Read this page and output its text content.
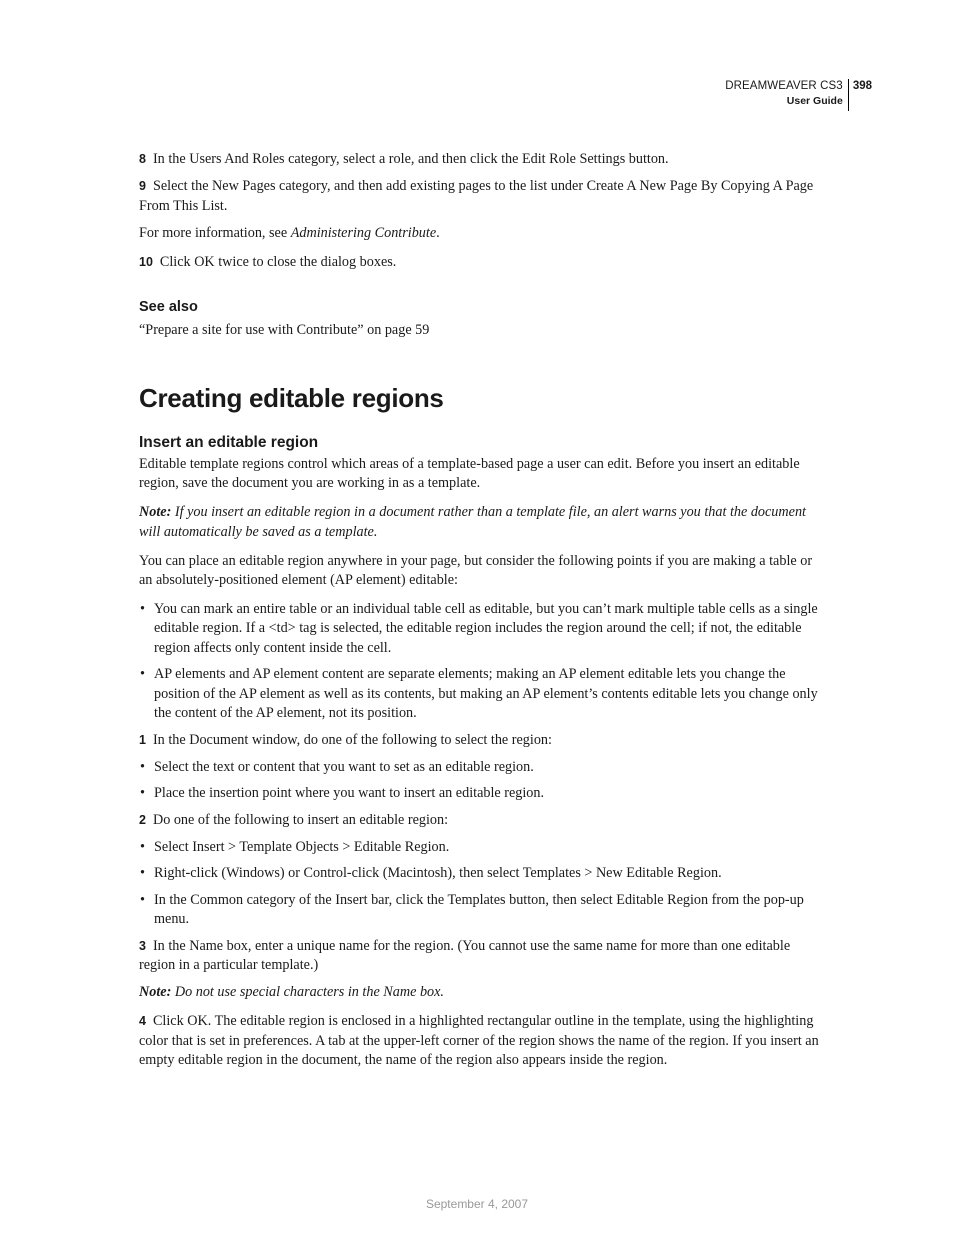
DREAMWEAVER CS3
User Guide
398

8 In the Users And Roles category, select a role, and then click the Edit Role Settings button.

9 Select the New Pages category, and then add existing pages to the list under Create A New Page By Copying A Page From This List.

For more information, see Administering Contribute.

10 Click OK twice to close the dialog boxes.

See also

“Prepare a site for use with Contribute” on page 59

Creating editable regions
Insert an editable region

Editable template regions control which areas of a template-based page a user can edit. Before you insert an editable region, save the document you are working in as a template.

Note: If you insert an editable region in a document rather than a template file, an alert warns you that the document will automatically be saved as a template.

You can place an editable region anywhere in your page, but consider the following points if you are making a table or an absolutely-positioned element (AP element) editable:

• You can mark an entire table or an individual table cell as editable, but you can’t mark multiple table cells as a single editable region. If a <td> tag is selected, the editable region includes the region around the cell; if not, the editable region affects only content inside the cell.
• AP elements and AP element content are separate elements; making an AP element editable lets you change the position of the AP element as well as its contents, but making an AP element’s contents editable lets you change only the content of the AP element, not its position.

1 In the Document window, do one of the following to select the region:

• Select the text or content that you want to set as an editable region.
• Place the insertion point where you want to insert an editable region.

2 Do one of the following to insert an editable region:

• Select Insert > Template Objects > Editable Region.
• Right-click (Windows) or Control-click (Macintosh), then select Templates > New Editable Region.
• In the Common category of the Insert bar, click the Templates button, then select Editable Region from the pop-up menu.

3 In the Name box, enter a unique name for the region. (You cannot use the same name for more than one editable region in a particular template.)

Note: Do not use special characters in the Name box.

4 Click OK. The editable region is enclosed in a highlighted rectangular outline in the template, using the highlighting color that is set in preferences. A tab at the upper-left corner of the region shows the name of the region. If you insert an empty editable region in the document, the name of the region also appears inside the region.

September 4, 2007
